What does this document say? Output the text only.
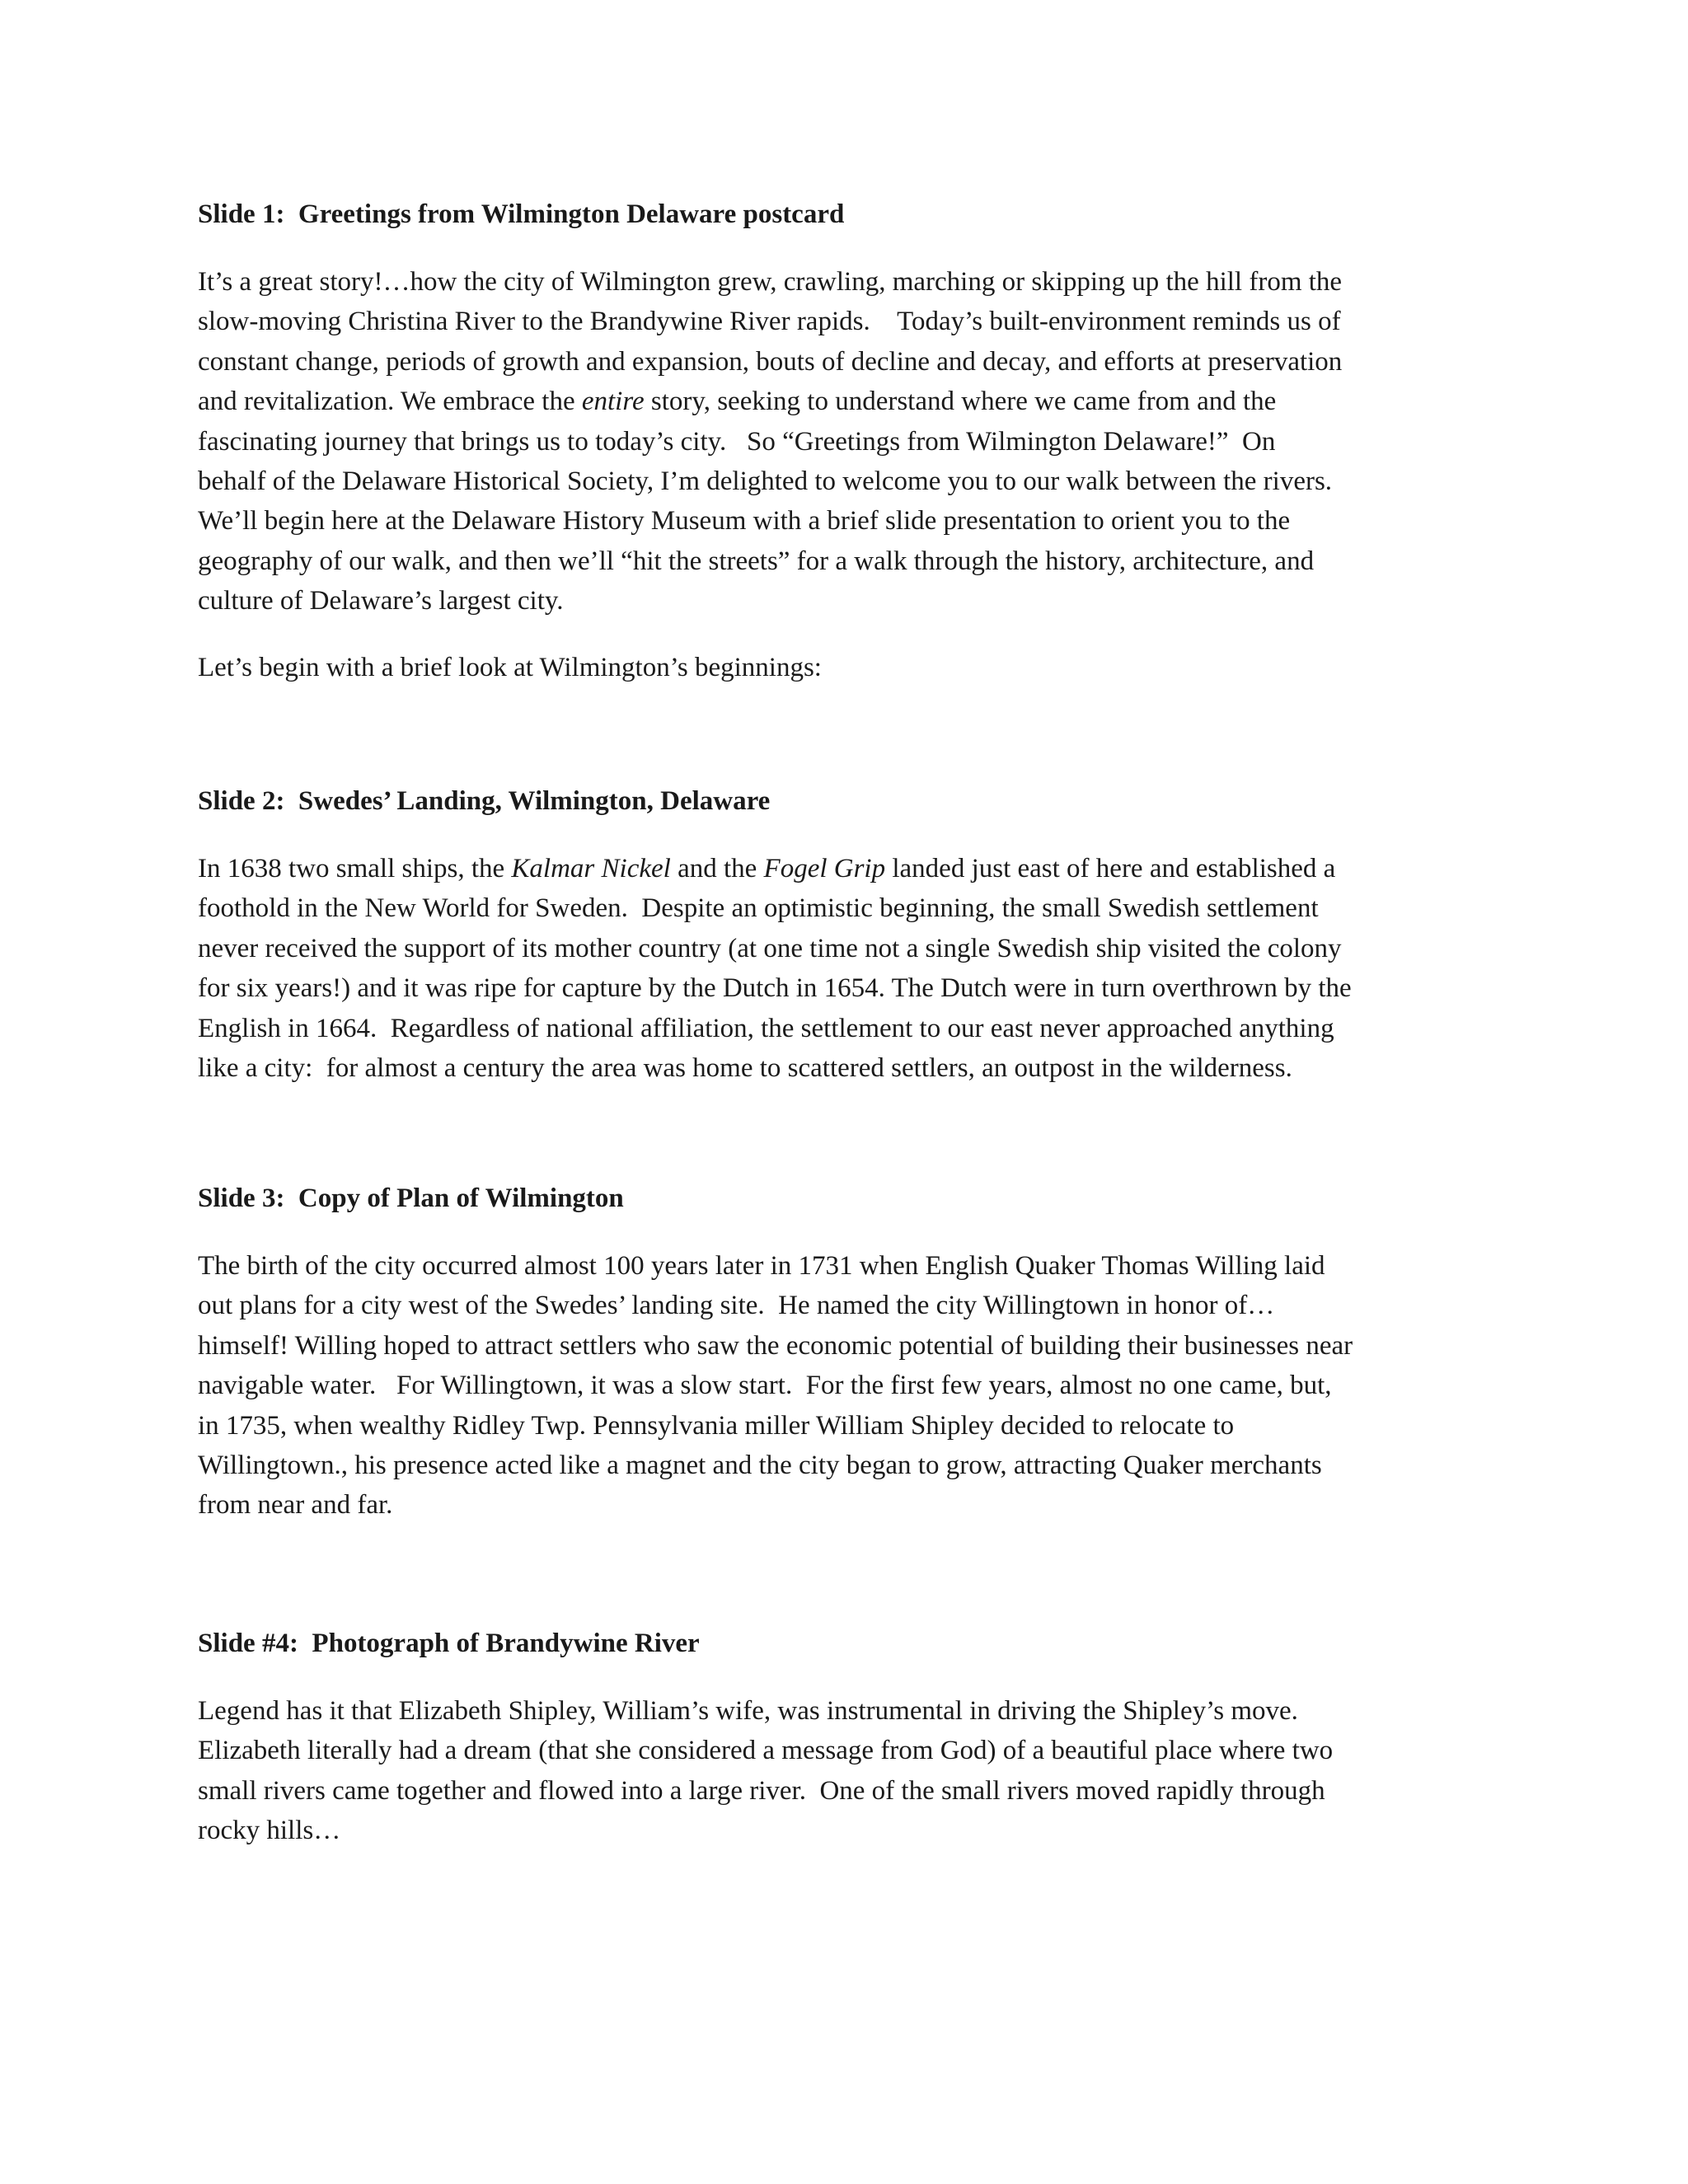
Slide 1:  Greetings from Wilmington Delaware postcard
It’s a great story!…how the city of Wilmington grew, crawling, marching or skipping up the hill from the
slow-moving Christina River to the Brandywine River rapids.    Today’s built-environment reminds us of
constant change, periods of growth and expansion, bouts of decline and decay, and efforts at preservation
and revitalization. We embrace the entire story, seeking to understand where we came from and the
fascinating journey that brings us to today’s city.   So “Greetings from Wilmington Delaware!”  On
behalf of the Delaware Historical Society, I’m delighted to welcome you to our walk between the rivers.
We’ll begin here at the Delaware History Museum with a brief slide presentation to orient you to the
geography of our walk, and then we’ll “hit the streets” for a walk through the history, architecture, and
culture of Delaware’s largest city.

Let’s begin with a brief look at Wilmington’s beginnings:

Slide 2:  Swedes’ Landing, Wilmington, Delaware
In 1638 two small ships, the Kalmar Nickel and the Fogel Grip landed just east of here and established a
foothold in the New World for Sweden.  Despite an optimistic beginning, the small Swedish settlement
never received the support of its mother country (at one time not a single Swedish ship visited the colony
for six years!) and it was ripe for capture by the Dutch in 1654. The Dutch were in turn overthrown by the
English in 1664.  Regardless of national affiliation, the settlement to our east never approached anything
like a city:  for almost a century the area was home to scattered settlers, an outpost in the wilderness.
Slide 3:  Copy of Plan of Wilmington
The birth of the city occurred almost 100 years later in 1731 when English Quaker Thomas Willing laid
out plans for a city west of the Swedes’ landing site.  He named the city Willingtown in honor of…
himself! Willing hoped to attract settlers who saw the economic potential of building their businesses near
navigable water.   For Willingtown, it was a slow start.  For the first few years, almost no one came, but,
in 1735, when wealthy Ridley Twp. Pennsylvania miller William Shipley decided to relocate to
Willingtown., his presence acted like a magnet and the city began to grow, attracting Quaker merchants
from near and far.
Slide #4:  Photograph of Brandywine River
Legend has it that Elizabeth Shipley, William’s wife, was instrumental in driving the Shipley’s move.
Elizabeth literally had a dream (that she considered a message from God) of a beautiful place where two
small rivers came together and flowed into a large river.  One of the small rivers moved rapidly through
rocky hills…
